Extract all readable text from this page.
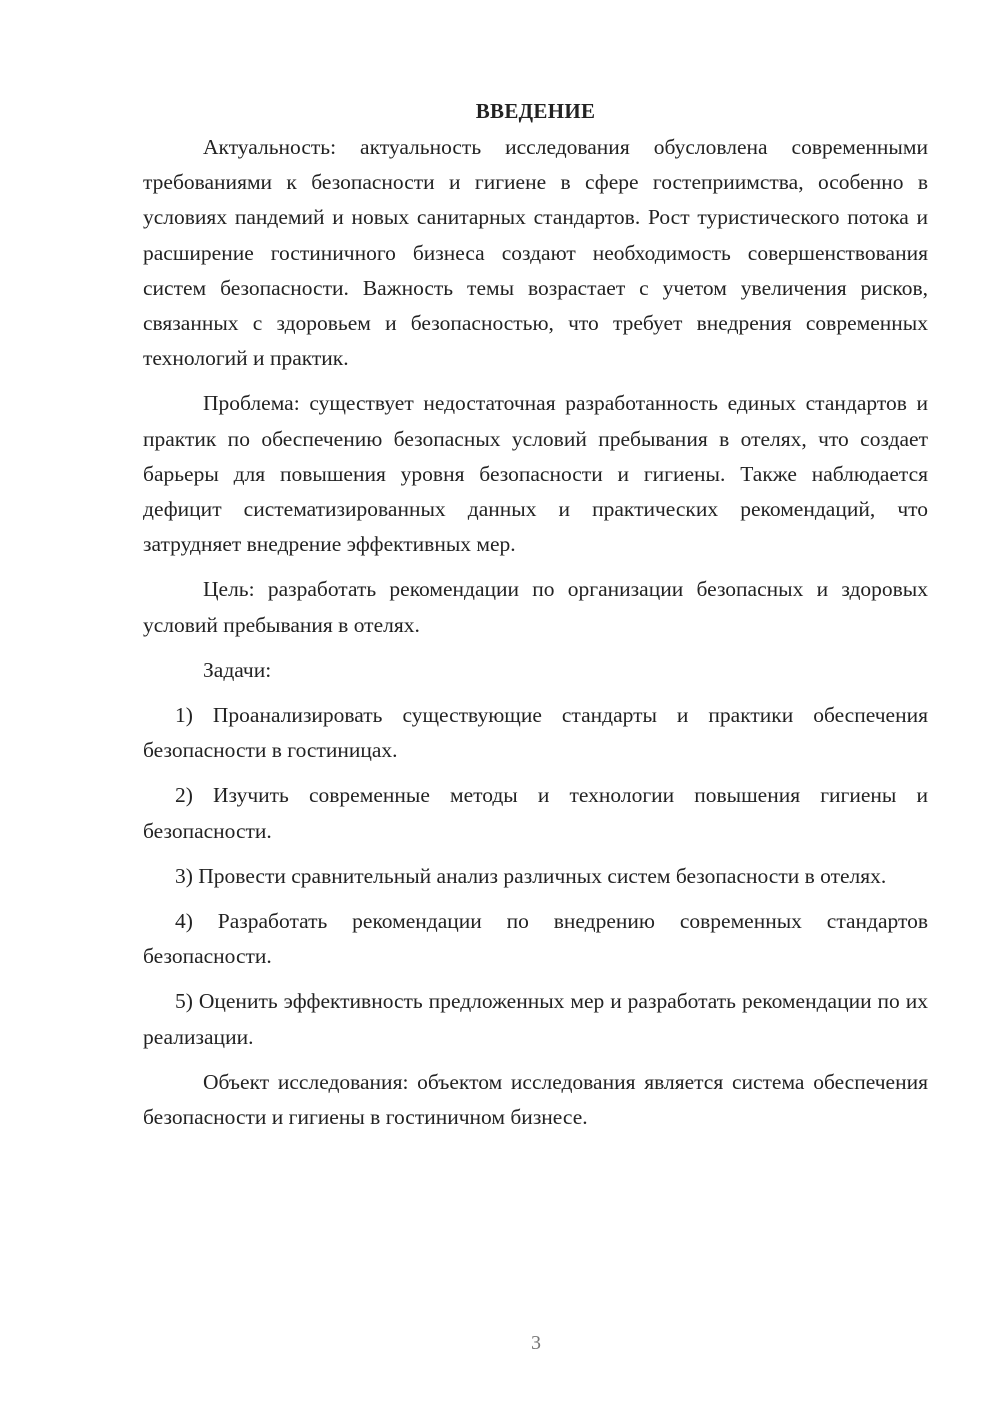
ВВЕДЕНИЕ

Актуальность: актуальность исследования обусловлена современными требованиями к безопасности и гигиене в сфере гостеприимства, особенно в условиях пандемий и новых санитарных стандартов. Рост туристического потока и расширение гостиничного бизнеса создают необходимость совершенствования систем безопасности. Важность темы возрастает с учетом увеличения рисков, связанных с здоровьем и безопасностью, что требует внедрения современных технологий и практик.

Проблема: существует недостаточная разработанность единых стандартов и практик по обеспечению безопасных условий пребывания в отелях, что создает барьеры для повышения уровня безопасности и гигиены. Также наблюдается дефицит систематизированных данных и практических рекомендаций, что затрудняет внедрение эффективных мер.

Цель: разработать рекомендации по организации безопасных и здоровых условий пребывания в отелях.

Задачи:

1) Проанализировать существующие стандарты и практики обеспечения безопасности в гостиницах.

2) Изучить современные методы и технологии повышения гигиены и безопасности.

3) Провести сравнительный анализ различных систем безопасности в отелях.

4) Разработать рекомендации по внедрению современных стандартов безопасности.

5) Оценить эффективность предложенных мер и разработать рекомендации по их реализации.

Объект исследования: объектом исследования является система обеспечения безопасности и гигиены в гостиничном бизнесе.

3
